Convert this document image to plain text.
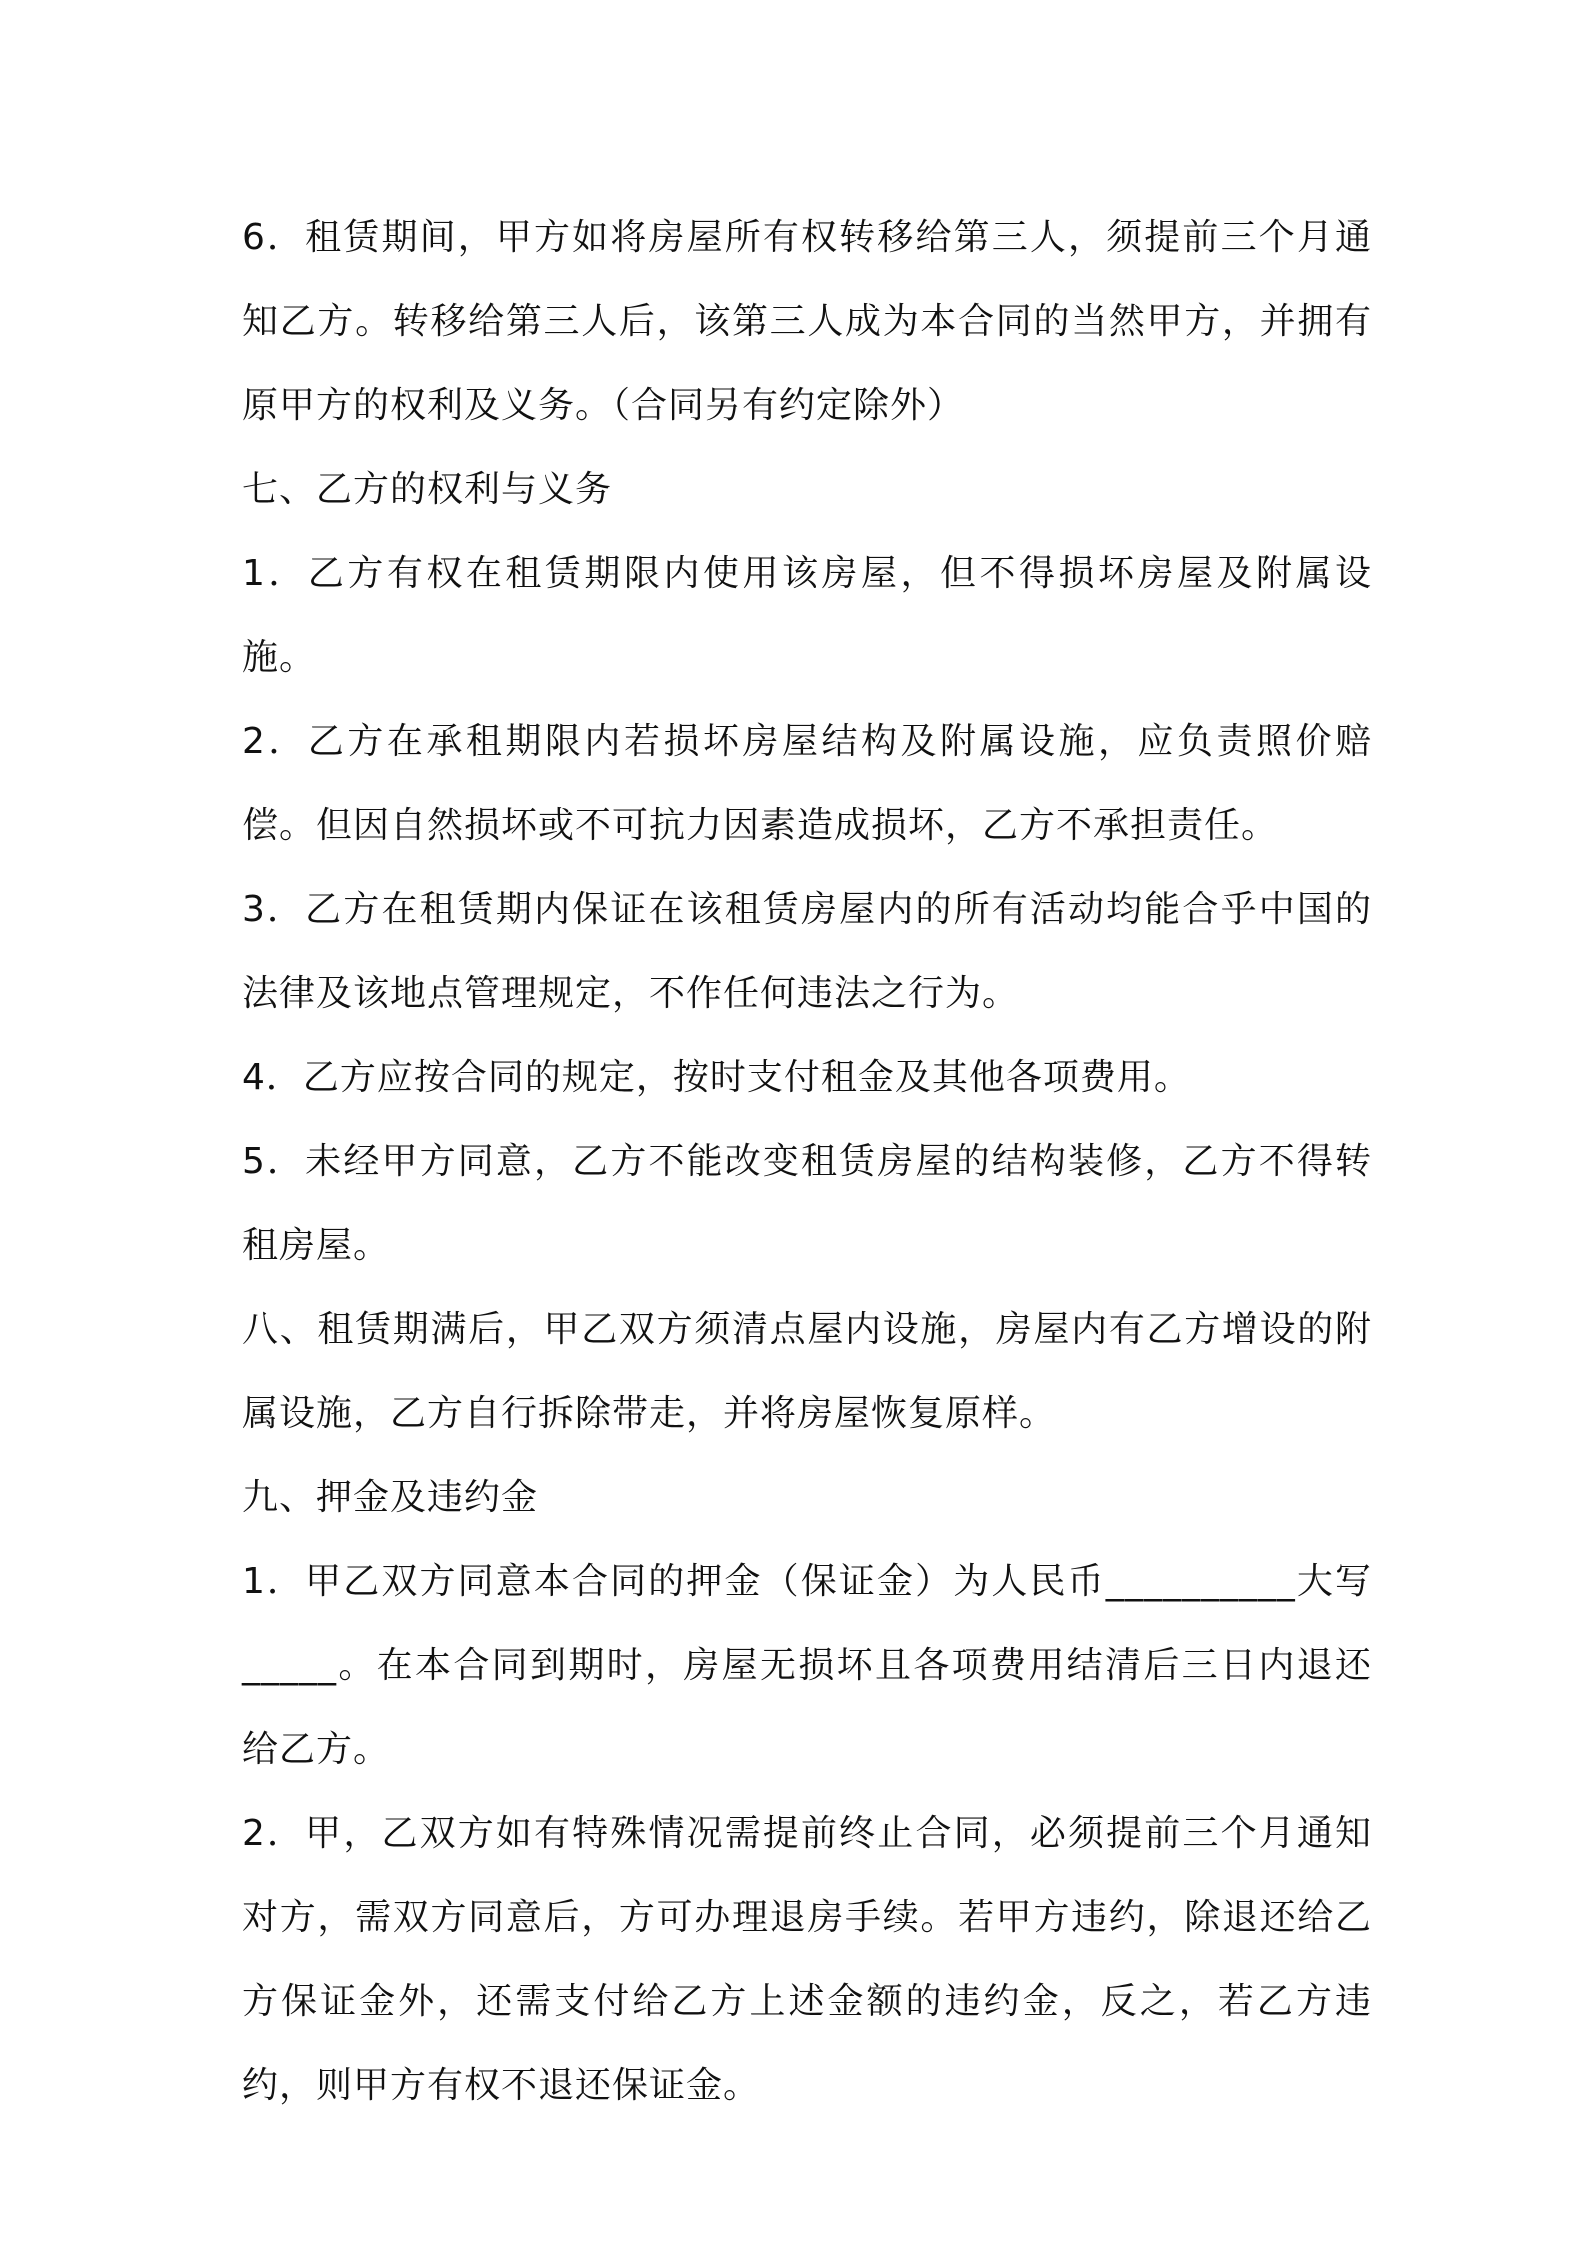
6．租赁期间，甲方如将房屋所有权转移给第三人，须提前三个月通知乙方。转移给第三人后，该第三人成为本合同的当然甲方，并拥有原甲方的权利及义务。（合同另有约定除外）

七、乙方的权利与义务

1．乙方有权在租赁期限内使用该房屋，但不得损坏房屋及附属设施。

2．乙方在承租期限内若损坏房屋结构及附属设施，应负责照价赔偿。但因自然损坏或不可抗力因素造成损坏，乙方不承担责任。

3．乙方在租赁期内保证在该租赁房屋内的所有活动均能合乎中国的法律及该地点管理规定，不作任何违法之行为。

4．乙方应按合同的规定，按时支付租金及其他各项费用。

5．未经甲方同意，乙方不能改变租赁房屋的结构装修，乙方不得转租房屋。

八、租赁期满后，甲乙双方须清点屋内设施，房屋内有乙方增设的附属设施，乙方自行拆除带走，并将房屋恢复原样。

九、押金及违约金

1．甲乙双方同意本合同的押金（保证金）为人民币__________大写_____。在本合同到期时，房屋无损坏且各项费用结清后三日内退还给乙方。

2．甲，乙双方如有特殊情况需提前终止合同，必须提前三个月通知对方，需双方同意后，方可办理退房手续。若甲方违约，除退还给乙方保证金外，还需支付给乙方上述金额的违约金，反之，若乙方违约，则甲方有权不退还保证金。
